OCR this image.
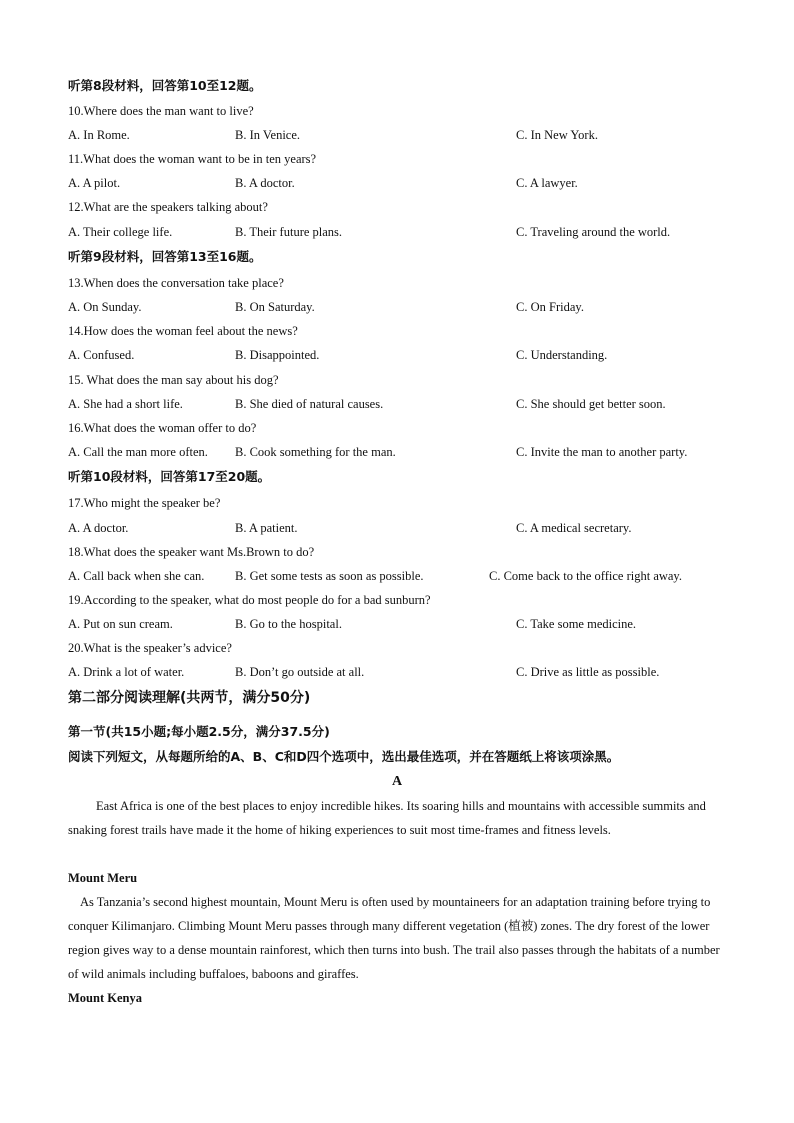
听第8段材料，回答第10至12题。
10.Where does the man want to live?
A. In Rome.	B. In Venice.	C. In New York.
11.What does the woman want to be in ten years?
A. A pilot.	B. A doctor.	C. A lawyer.
12.What are the speakers talking about?
A. Their college life.	B. Their future plans.	C. Traveling around the world.
听第9段材料，回答第13至16题。
13.When does the conversation take place?
A. On Sunday.	B. On Saturday.	C. On Friday.
14.How does the woman feel about the news?
A. Confused.	B. Disappointed.	C. Understanding.
15. What does the man say about his dog?
A. She had a short life.	B. She died of natural causes.	C. She should get better soon.
16.What does the woman offer to do?
A. Call the man more often. B. Cook something for the man.	C. Invite the man to another party.
听第10段材料，回答第17至20题。
17.Who might the speaker be?
A. A doctor.	B. A patient.	C. A medical secretary.
18.What does the speaker want Ms.Brown to do?
A. Call back when she can. B. Get some tests as soon as possible.	C. Come back to the office right away.
19.According to the speaker, what do most people do for a bad sunburn?
A. Put on sun cream.	B. Go to the hospital.	C. Take some medicine.
20.What is the speaker’s advice?
A. Drink a lot of water.	B. Don’t go outside at all.	C. Drive as little as possible.
第二部分阅读理解(共两节，满分50分)
第一节(共15小题;每小题2.5分，满分37.5分)
阅读下列短文，从每题所给的A、B、C和D四个选项中，选出最佳选项，并在答题纸上将该项涂黑。
A
East Africa is one of the best places to enjoy incredible hikes. Its soaring hills and mountains with accessible summits and snaking forest trails have made it the home of hiking experiences to suit most time-frames and fitness levels.
Mount Meru
As Tanzania’s second highest mountain, Mount Meru is often used by mountaineers for an adaptation training before trying to conquer Kilimanjaro. Climbing Mount Meru passes through many different vegetation (植被) zones. The dry forest of the lower region gives way to a dense mountain rainforest, which then turns into bush. The trail also passes through the habitats of a number of wild animals including buffaloes, baboons and giraffes.
Mount Kenya
